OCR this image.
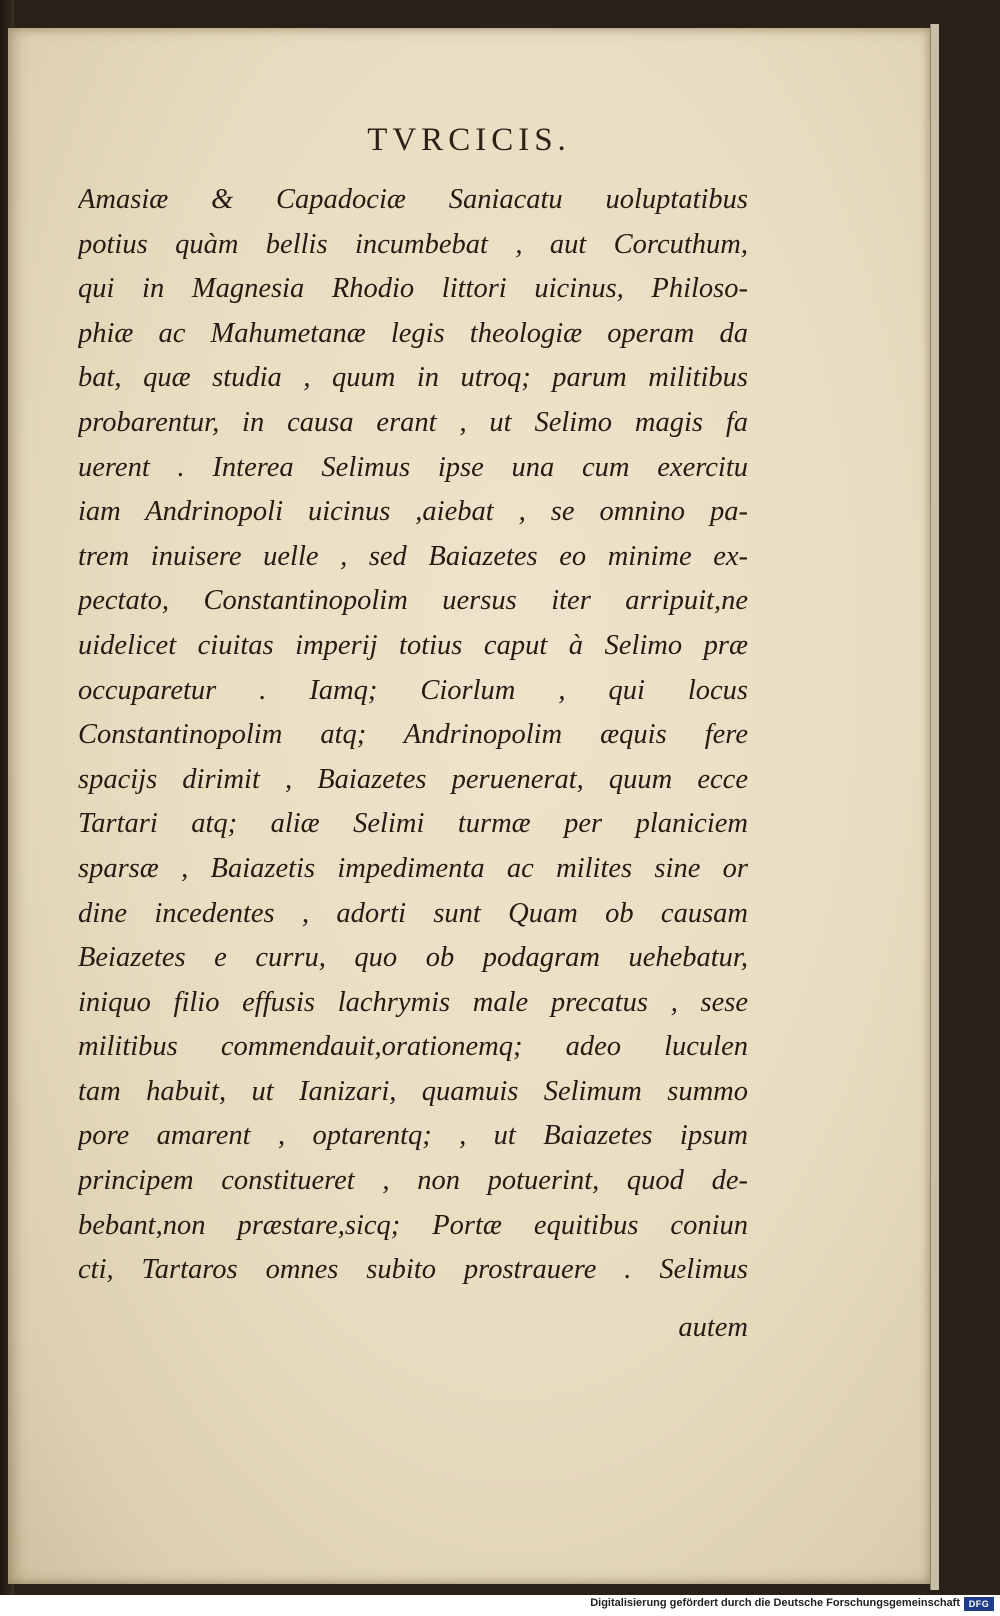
TVRCICIS.
Amasiæ & Capadociæ Saniacatu uoluptatibus
potius quàm bellis incumbebat , aut Corcuthum,
qui in Magnesia Rhodio littori uicinus, Philoso-
phiæ ac Mahumetanæ legis theologiæ operam da
bat, quæ studia , quum in utroq; parum militibus
probarentur, in causa erant , ut Selimo magis fa
uerent . Interea Selimus ipse una cum exercitu
iam Andrinopoli uicinus ,aiebat , se omnino pa-
trem inuisere uelle , sed Baiazetes eo minime ex-
pectato, Constantinopolim uersus iter arripuit,ne
uidelicet ciuitas imperij totius caput à Selimo præ
occuparetur . Iamq; Ciorlum , qui locus
Constantinopolim atq; Andrinopolim æquis fere
spacijs dirimit , Baiazetes peruenerat, quum ecce
Tartari atq; aliæ Selimi turmæ per planiciem
sparsæ , Baiazetis impedimenta ac milites sine or
dine incedentes , adorti sunt Quam ob causam
Beiazetes e curru, quo ob podagram uehebatur,
iniquo filio effusis lachrymis male precatus , sese
militibus commendauit,orationemq; adeo luculen
tam habuit, ut Ianizari, quamuis Selimum summo
pore amarent , optarentq; , ut Baiazetes ipsum
principem constitueret , non potuerint, quod de-
bebant,non præstare,sicq; Portæ equitibus coniun
cti, Tartaros omnes subito prostrauere . Selimus
autem
Digitalisierung gefördert durch die Deutsche Forschungsgemeinschaft DFG
